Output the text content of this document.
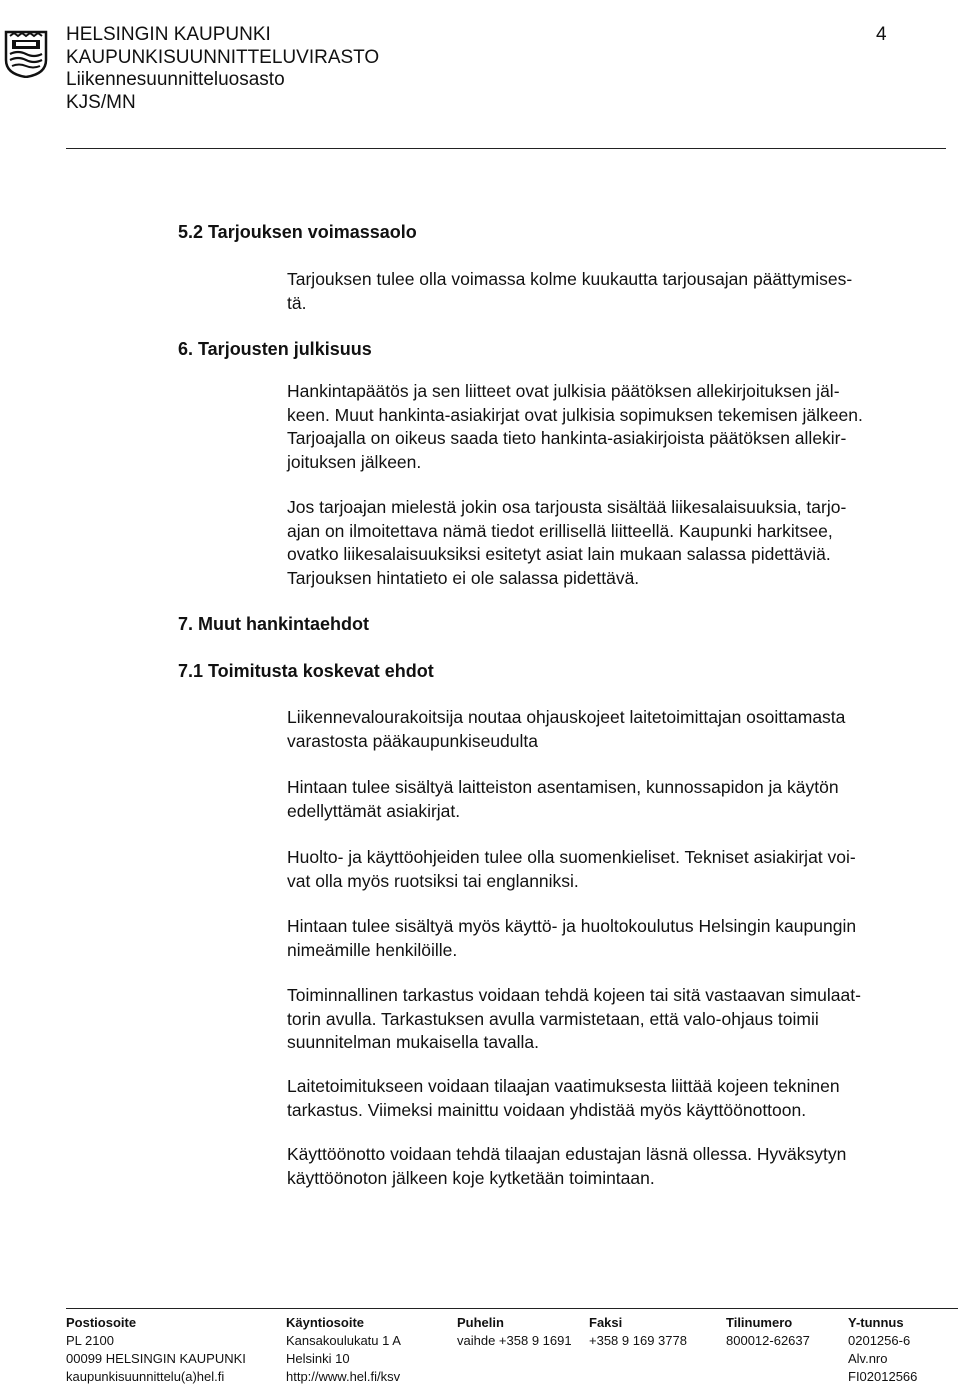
HELSINGIN KAUPUNKI
KAUPUNKISUUNNITTELUVIRASTO
Liikennesuunnitteluosasto
KJS/MN
4
5.2 Tarjouksen voimassaolo
Tarjouksen tulee olla voimassa kolme kuukautta tarjousajan päättymises-
tä.
6. Tarjousten julkisuus
Hankintapäätös ja sen liitteet ovat julkisia päätöksen allekirjoituksen jäl-
keen. Muut hankinta-asiakirjat ovat julkisia sopimuksen tekemisen jälkeen.
Tarjoajalla on oikeus saada tieto hankinta-asiakirjoista päätöksen allekir-
joituksen jälkeen.
Jos tarjoajan mielestä jokin osa tarjousta sisältää liikesalaisuuksia, tarjo-
ajan on ilmoitettava nämä tiedot erillisellä liitteellä. Kaupunki harkitsee,
ovatko liikesalaisuuksiksi esitetyt asiat lain mukaan salassa pidettäviä.
Tarjouksen hintatieto ei ole salassa pidettävä.
7. Muut hankintaehdot
7.1 Toimitusta koskevat ehdot
Liikennevalourakoitsija noutaa ohjauskojeet laitetoimittajan osoittamasta
varastosta pääkaupunkiseudulta
Hintaan tulee sisältyä laitteiston asentamisen, kunnossapidon ja käytön
edellyttämät asiakirjat.
Huolto- ja käyttöohjeiden tulee olla suomenkieliset. Tekniset asiakirjat voi-
vat olla myös ruotsiksi tai englanniksi.
Hintaan tulee sisältyä myös käyttö- ja huoltokoulutus Helsingin kaupungin
nimeämille henkilöille.
Toiminnallinen tarkastus voidaan tehdä kojeen tai sitä vastaavan simulaat-
torin avulla. Tarkastuksen avulla varmistetaan, että valo-ohjaus toimii
suunnitelman mukaisella tavalla.
Laitetoimitukseen voidaan tilaajan vaatimuksesta liittää kojeen tekninen
tarkastus. Viimeksi mainittu voidaan yhdistää myös käyttöönottoon.
Käyttöönotto voidaan tehdä tilaajan edustajan läsnä ollessa. Hyväksytyn
käyttöönoton jälkeen koje kytketään toimintaan.
Postiosoite
PL 2100
00099 HELSINGIN KAUPUNKI
kaupunkisuunnittelu(a)hel.fi
Käyntiosoite
Kansakoulukatu 1 A
Helsinki 10
http://www.hel.fi/ksv
Puhelin
vaihde +358 9 1691
Faksi
+358 9 169 3778
Tilinumero
800012-62637
Y-tunnus
0201256-6
Alv.nro
FI02012566
